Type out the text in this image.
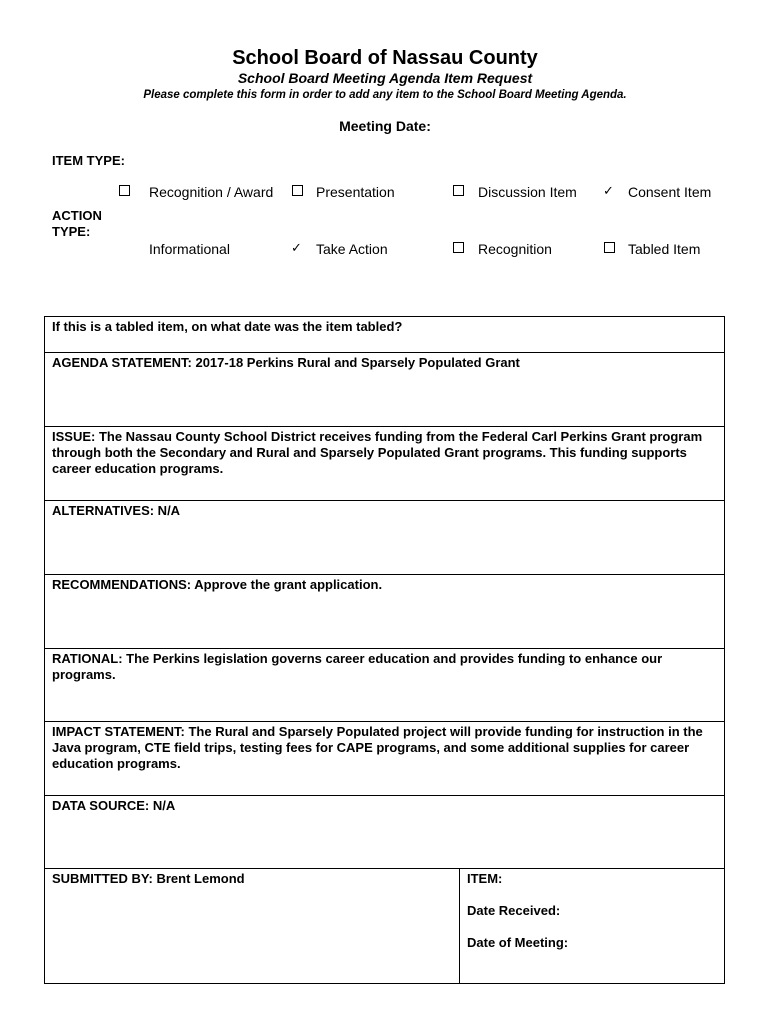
School Board of Nassau County
School Board Meeting Agenda Item Request
Please complete this form in order to add any item to the School Board Meeting Agenda.
Meeting Date:
ITEM TYPE:
Recognition / Award	Presentation	Discussion Item ✓ Consent Item
ACTION
TYPE:
Informational	✓ Take Action	Recognition	Tabled Item
If this is a tabled item, on what date was the item tabled?
AGENDA STATEMENT: 2017-18 Perkins Rural and Sparsely Populated Grant
ISSUE: The Nassau County School District receives funding from the Federal Carl Perkins Grant program through both the Secondary and Rural and Sparsely Populated Grant programs. This funding supports career education programs.
ALTERNATIVES: N/A
RECOMMENDATIONS: Approve the grant application.
RATIONAL: The Perkins legislation governs career education and provides funding to enhance our programs.
IMPACT STATEMENT: The Rural and Sparsely Populated project will provide funding for instruction in the Java program, CTE field trips, testing fees for CAPE programs, and some additional supplies for career education programs.
DATA SOURCE: N/A
SUBMITTED BY: Brent Lemond	ITEM:
Date Received:
Date of Meeting:
